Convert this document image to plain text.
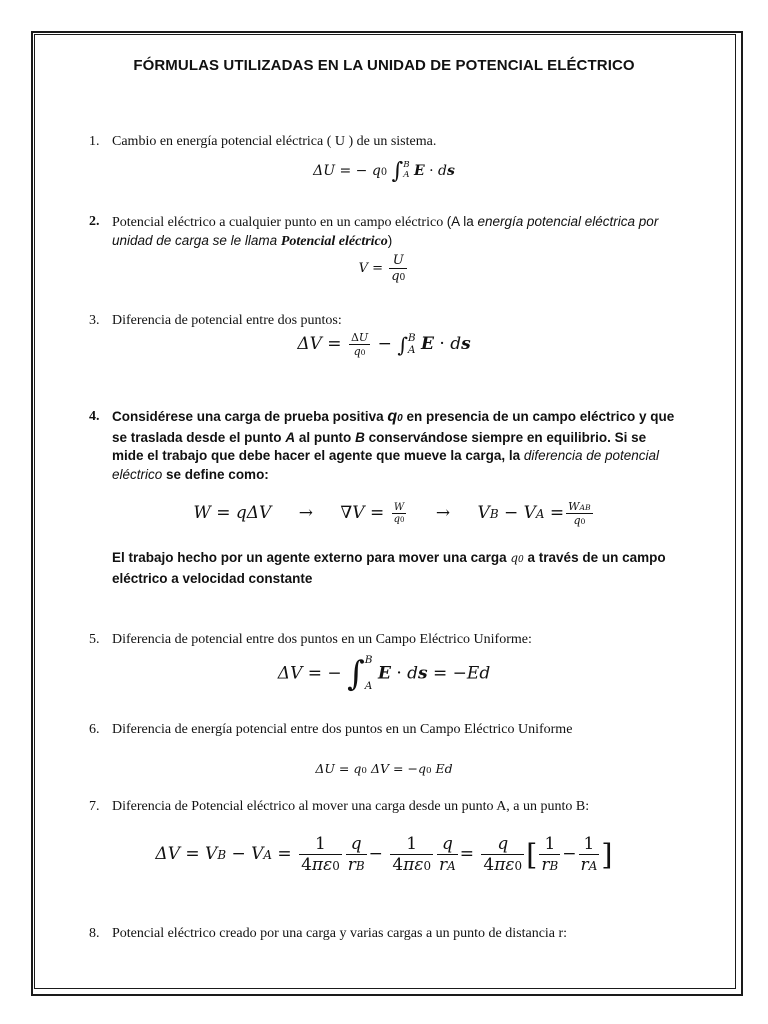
FÓRMULAS UTILIZADAS EN LA UNIDAD DE POTENCIAL ELÉCTRICO
1. Cambio en energía potencial eléctrica ( U ) de un sistema.
ΔU = − q0 ∫ B
A E · ds
2. Potencial eléctrico a cualquier punto en un campo eléctrico (A la energía potencial eléctrica por unidad de carga se le llama Potencial eléctrico)
$V = \frac{U}{q0}$
3. Diferencia de potencial entre dos puntos:
$\Delta V = \frac{\Delta U}{q0}$ − ∫ B
A E · ds
4. Considérese una carga de prueba positiva q0 en presencia de un campo eléctrico y que se traslada desde el punto A al punto B conservándose siempre en equilibrio. Si se mide el trabajo que debe hacer el agente que mueve la carga, la diferencia de potencial eléctrico se define como:
$W = q\Delta V \to \nabla V = \frac{W}{q0}$ → VB − VA = $\frac{\text{WAB}}{q0}$
El trabajo hecho por un agente externo para mover una carga q0 a través de un campo eléctrico a velocidad constante
5. Diferencia de potencial entre dos puntos en un Campo Eléctrico Uniforme:
ΔV = − ∫ B
A
E · ds = −Ed
6. Diferencia de energía potencial entre dos puntos en un Campo Eléctrico Uniforme
ΔU = q0 ΔV = −q0 Ed
7. Diferencia de Potencial eléctrico al mover una carga desde un punto A, a un punto B:
ΔV = VB − VA = $\frac{1}{4\pi\varepsilon 0} \frac{q}{rB} - \frac{1}{4\pi\varepsilon 0} \frac{q}{rA} = \frac{q}{4\pi\varepsilon 0}$ [ $\frac{1}{rB} - \frac{1}{rA}$ ]
8. Potencial eléctrico creado por una carga y varias cargas a un punto de distancia r:
